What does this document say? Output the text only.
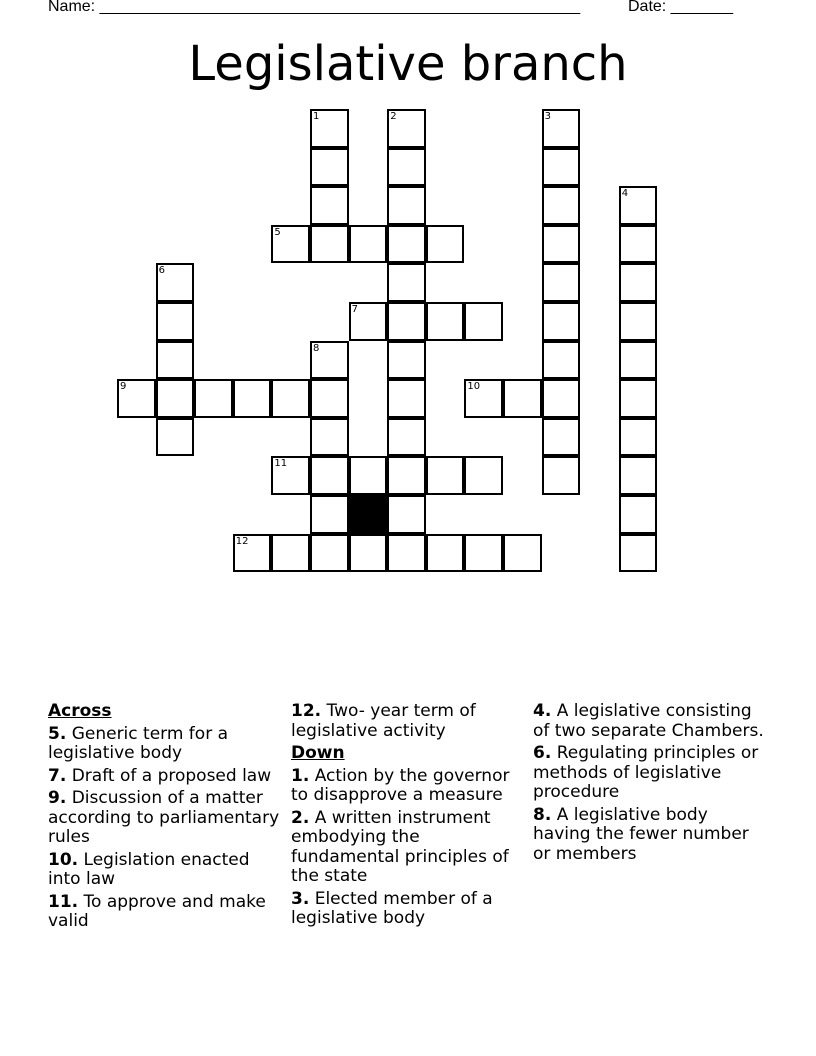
Name: ______________________________________________________	Date: _______
Legislative branch
1
8
2	3
4
5
6
7
9	10
11
12
Across
5. Generic term for a legislative body
7. Draft of a proposed law
9. Discussion of a matter according to parliamentary rules
10. Legislation enacted into law
11. To approve and make valid
12. Two- year term of legislative activity
Down
1. Action by the governor to disapprove a measure
2. A written instrument embodying the fundamental principles of the state
3. Elected member of a legislative body
4. A legislative consisting of two separate Chambers.
6. Regulating principles or methods of legislative procedure
8. A legislative body having the fewer number or members
